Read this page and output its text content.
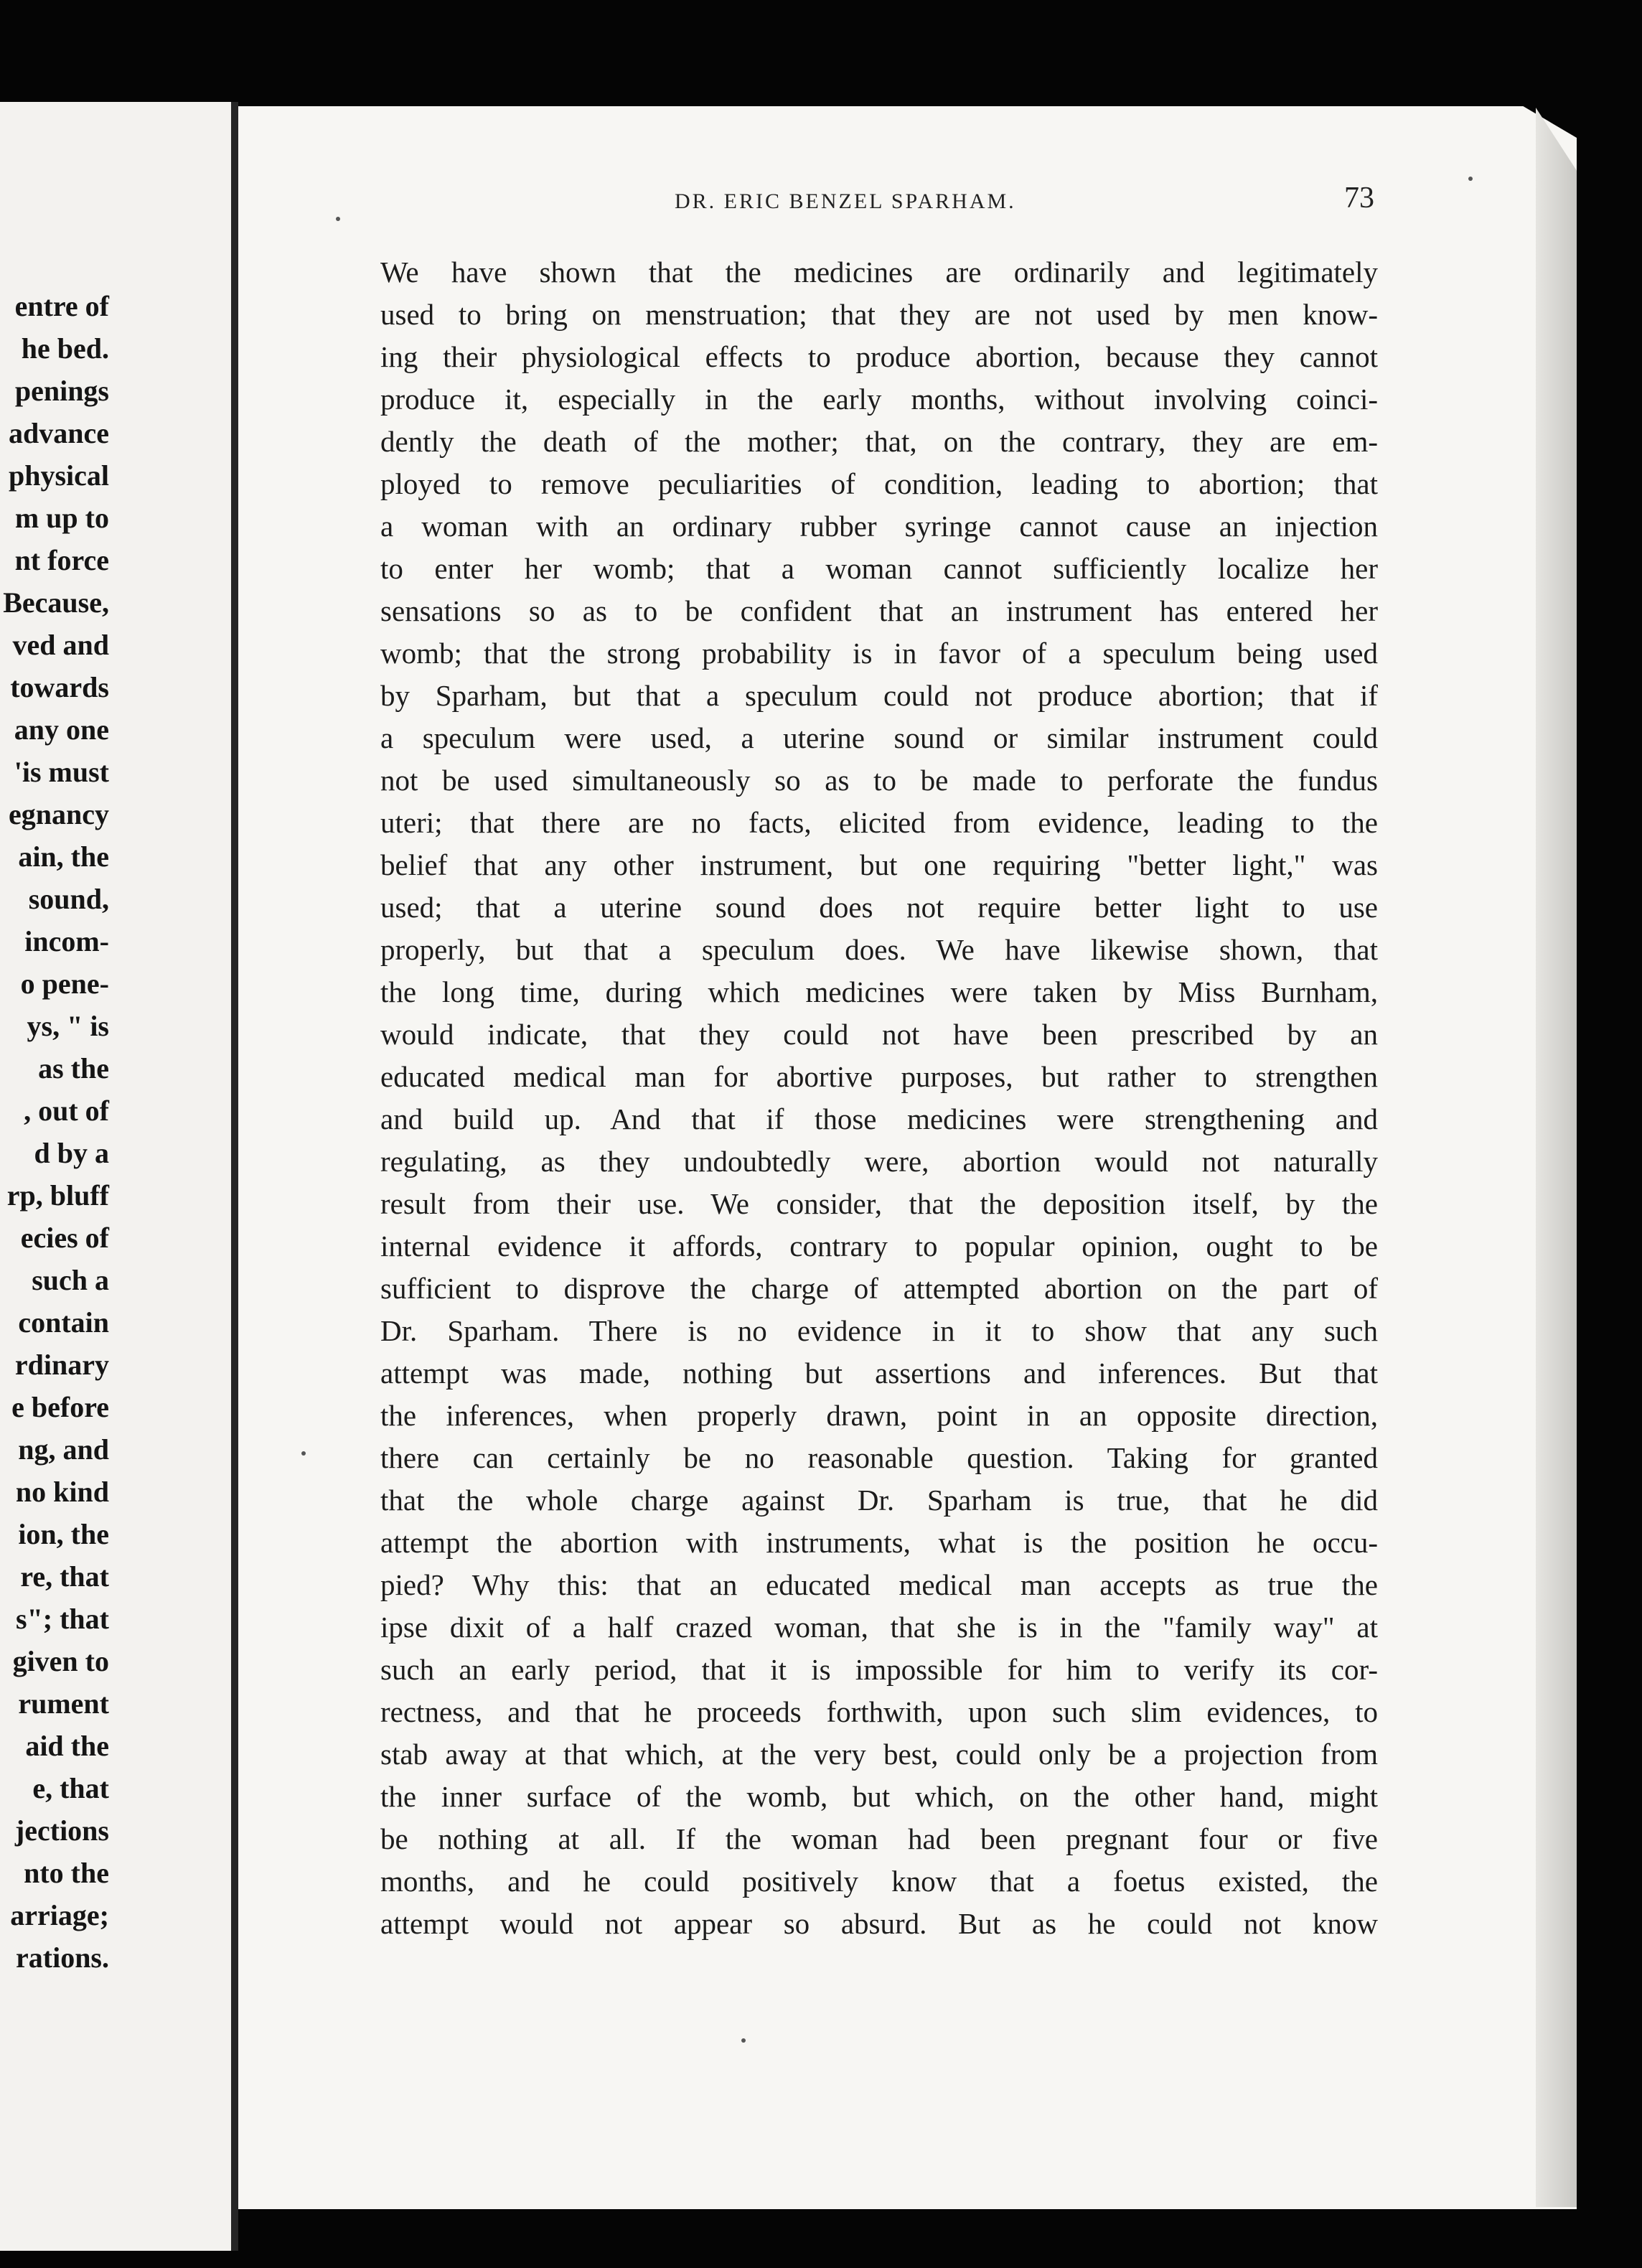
entre of
he bed.
penings
advance
physical
m up to
nt force
Because,
ved and
towards
any one
'is must
egnancy
ain, the
sound,
incom-
o pene-
ys, " is
as the
, out of
d by a
rp, bluff
ecies of
such a
contain
rdinary
e before
ng, and
no kind
ion, the
re, that
s"; that
given to
rument
aid the
e, that
jections
nto the
arriage;
rations.
DR. ERIC BENZEL SPARHAM.	73
We have shown that the medicines are ordinarily and legitimately
used to bring on menstruation; that they are not used by men know-
ing their physiological effects to produce abortion, because they cannot
produce it, especially in the early months, without involving coinci-
dently the death of the mother; that, on the contrary, they are em-
ployed to remove peculiarities of condition, leading to abortion; that
a woman with an ordinary rubber syringe cannot cause an injection
to enter her womb; that a woman cannot sufficiently localize her
sensations so as to be confident that an instrument has entered her
womb; that the strong probability is in favor of a speculum being used
by Sparham, but that a speculum could not produce abortion; that if
a speculum were used, a uterine sound or similar instrument could
not be used simultaneously so as to be made to perforate the fundus
uteri; that there are no facts, elicited from evidence, leading to the
belief that any other instrument, but one requiring "better light," was
used; that a uterine sound does not require better light to use
properly, but that a speculum does. We have likewise shown, that
the long time, during which medicines were taken by Miss Burnham,
would indicate, that they could not have been prescribed by an
educated medical man for abortive purposes, but rather to strengthen
and build up. And that if those medicines were strengthening and
regulating, as they undoubtedly were, abortion would not naturally
result from their use. We consider, that the deposition itself, by the
internal evidence it affords, contrary to popular opinion, ought to be
sufficient to disprove the charge of attempted abortion on the part of
Dr. Sparham. There is no evidence in it to show that any such
attempt was made, nothing but assertions and inferences. But that
the inferences, when properly drawn, point in an opposite direction,
there can certainly be no reasonable question. Taking for granted
that the whole charge against Dr. Sparham is true, that he did
attempt the abortion with instruments, what is the position he occu-
pied? Why this: that an educated medical man accepts as true the
ipse dixit of a half crazed woman, that she is in the "family way" at
such an early period, that it is impossible for him to verify its cor-
rectness, and that he proceeds forthwith, upon such slim evidences, to
stab away at that which, at the very best, could only be a projection from
the inner surface of the womb, but which, on the other hand, might
be nothing at all. If the woman had been pregnant four or five
months, and he could positively know that a foetus existed, the
attempt would not appear so absurd. But as he could not know
